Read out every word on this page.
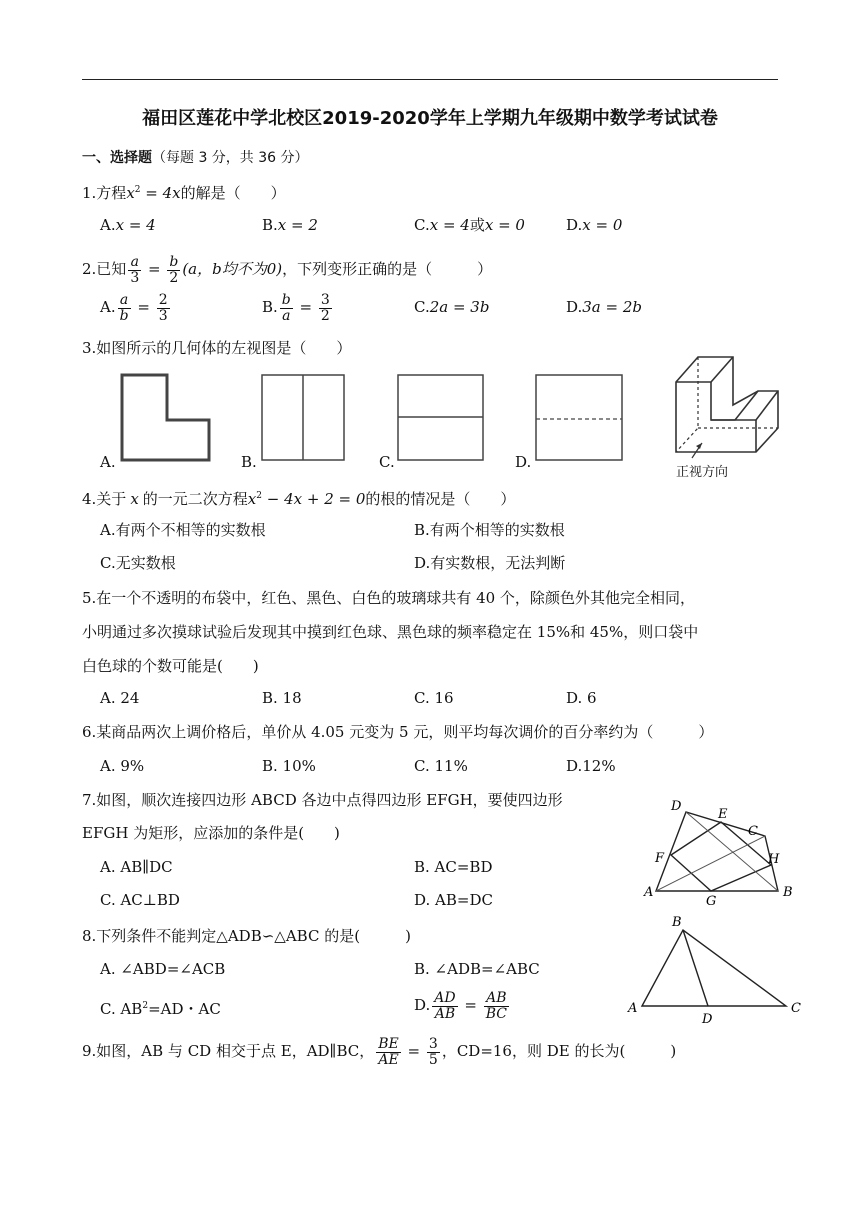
福田区莲花中学北校区2019-2020学年上学期九年级期中数学考试试卷
一、选择题（每题 3 分，共 36 分）
1.方程$x^2 = 4x$的解是（　　）
A.x = 4	B.x = 2	C.x = 4或x = 0	D.x = 0
2.已知 $\frac{a}{3} = \frac{b}{2} (a$，b均不为0)，下列变形正确的是（　　　）
A. $\frac{a}{b} = \frac{2}{3}$	B. $\frac{b}{a} = \frac{3}{2}$	C.2a = 3b	D.3a = 2b
3.如图所示的几何体的左视图是（　　）
A.	B.	C.	D.
正视方向
4.关于 x 的一元二次方程$x^2 - 4x + 2 = 0$的根的情况是（　　）
A.有两个不相等的实数根	B.有两个相等的实数根
C.无实数根	D.有实数根，无法判断
5.在一个不透明的布袋中，红色、黑色、白色的玻璃球共有 40 个，除颜色外其他完全相同，
小明通过多次摸球试验后发现其中摸到红色球、黑色球的频率稳定在 15%和 45%，则口袋中
白色球的个数可能是(　　)
A. 24	B. 18	C. 16	D. 6
6.某商品两次上调价格后，单价从 4.05 元变为 5 元，则平均每次调价的百分率约为（　　　）
A. 9%	B. 10%	C. 11%	D.12%
7.如图，顺次连接四边形 ABCD 各边中点得四边形 EFGH，要使四边形
EFGH 为矩形，应添加的条件是(　　)
A. AB∥DC	B. AC=BD
C. AC⊥BD	D. AB=DC
D
E
C
F	H
A
G
B
8.下列条件不能判定△ADB∽△ABC 的是(　　　)
A. ∠ABD=∠ACB	B. ∠ADB=∠ABC
C. $AB^2=AD$・AC	D. $\frac{AD}{AB} = \frac{AB}{BC}$
B
A
D
C
9.如图，AB 与 CD 相交于点 E，AD∥BC， $\frac{BE}{AE} = \frac{3}{5}$ ，CD=16，则 DE 的长为(　　　)
